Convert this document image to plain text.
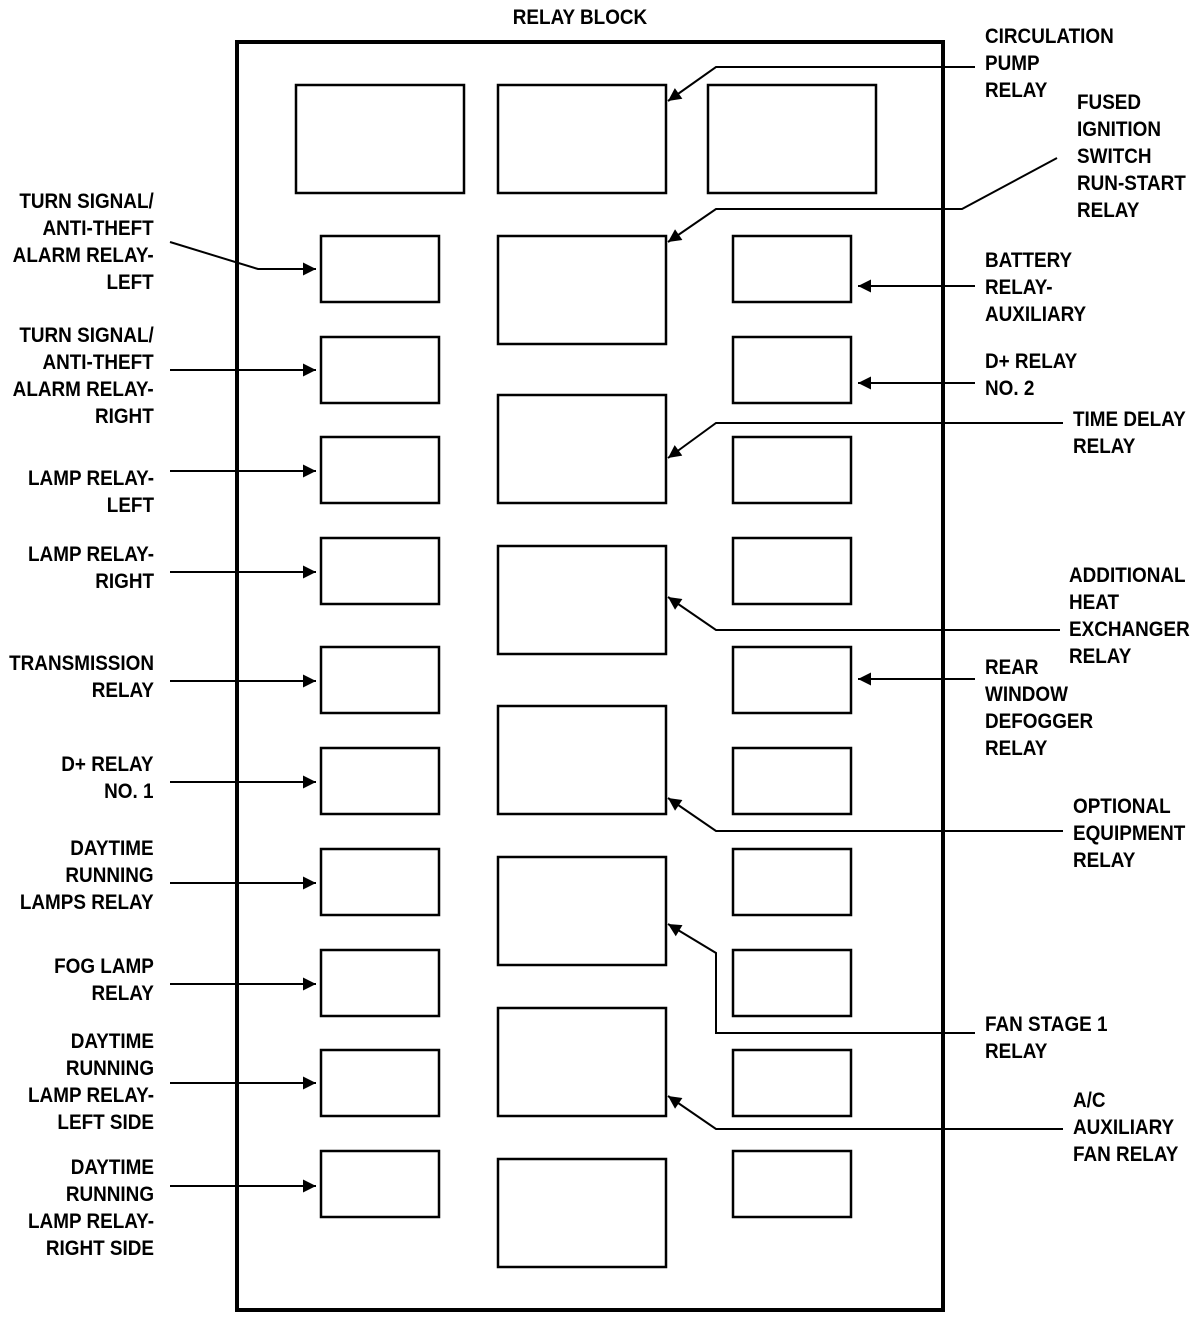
RELAY BLOCK
TURN SIGNAL/
ANTI-THEFT
ALARM RELAY-
LEFT
TURN SIGNAL/
ANTI-THEFT
ALARM RELAY-
RIGHT
LAMP RELAY-
LEFT
LAMP RELAY-
RIGHT
TRANSMISSION
RELAY
D+ RELAY
NO. 1
DAYTIME
RUNNING
LAMPS RELAY
FOG LAMP
RELAY
DAYTIME
RUNNING
LAMP RELAY-
LEFT SIDE
DAYTIME
RUNNING
LAMP RELAY-
RIGHT SIDE
CIRCULATION
PUMP
RELAY
FUSED
IGNITION
SWITCH
RUN-START
RELAY
BATTERY
RELAY-
AUXILIARY
D+ RELAY
NO. 2
TIME DELAY
RELAY
ADDITIONAL
HEAT
EXCHANGER
RELAY
REAR
WINDOW
DEFOGGER
RELAY
OPTIONAL
EQUIPMENT
RELAY
FAN STAGE 1
RELAY
A/C
AUXILIARY
FAN RELAY
